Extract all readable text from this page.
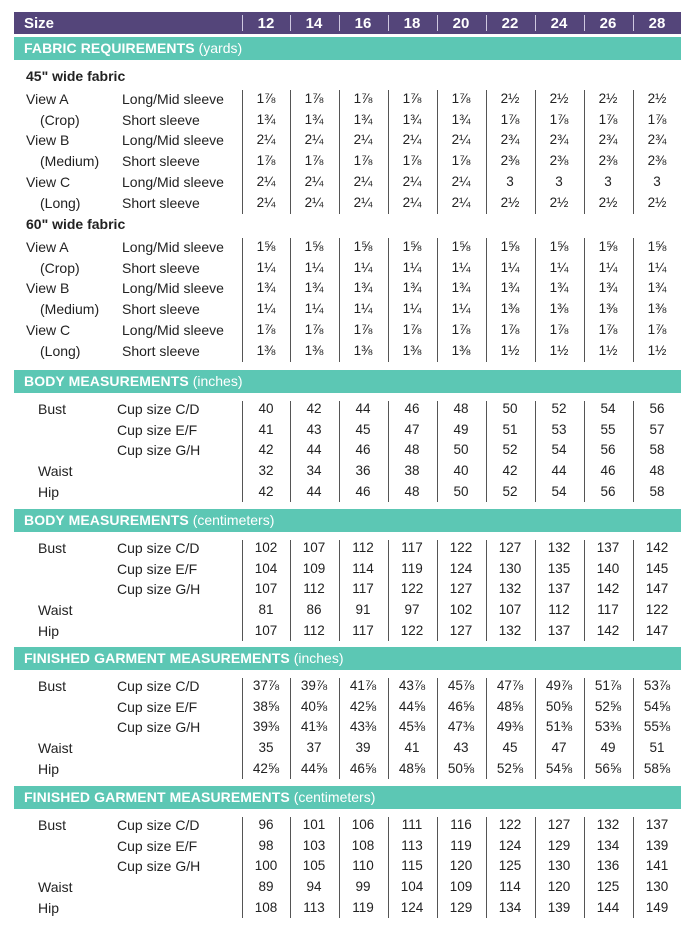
Size	12	14	16	18	20	22	24	26	28
FABRIC REQUIREMENTS (yards)
45" wide fabric
View A	Long/Mid sleeve	1⅞	1⅞	1⅞	1⅞	1⅞	2½	2½	2½	2½
(Crop)	Short sleeve	1¾	1¾	1¾	1¾	1¾	1⅞	1⅞	1⅞	1⅞
View B	Long/Mid sleeve	2¼	2¼	2¼	2¼	2¼	2¾	2¾	2¾	2¾
(Medium) Short sleeve	1⅞	1⅞	1⅞	1⅞	1⅞	2⅜	2⅜	2⅜	2⅜
View C	Long/Mid sleeve	2¼	2¼	2¼	2¼	2¼	3	3	3	3
(Long)	Short sleeve	2¼	2¼	2¼	2¼	2¼	2½	2½	2½	2½
60" wide fabric
View A	Long/Mid sleeve	1⅝	1⅝	1⅝	1⅝	1⅝	1⅝	1⅝	1⅝	1⅝
(Crop)	Short sleeve	1¼	1¼	1¼	1¼	1¼	1¼	1¼	1¼	1¼
View B	Long/Mid sleeve	1¾	1¾	1¾	1¾	1¾	1¾	1¾	1¾	1¾
(Medium) Short sleeve	1¼	1¼	1¼	1¼	1¼	1⅜	1⅜	1⅜	1⅜
View C	Long/Mid sleeve	1⅞	1⅞	1⅞	1⅞	1⅞	1⅞	1⅞	1⅞	1⅞
(Long)	Short sleeve	1⅜	1⅜	1⅜	1⅜	1⅜	1½	1½	1½	1½
BODY MEASUREMENTS (inches)
Bust	Cup size C/D	40	42	44	46	48	50	52	54	56
Cup size E/F	41	43	45	47	49	51	53	55	57
Cup size G/H	42	44	46	48	50	52	54	56	58
Waist	32	34	36	38	40	42	44	46	48
Hip	42	44	46	48	50	52	54	56	58
BODY MEASUREMENTS (centimeters)
Bust	Cup size C/D	102	107	112	117	122	127	132	137	142
Cup size E/F	104	109	114	119	124	130	135	140	145
Cup size G/H	107	112	117	122	127	132	137	142	147
Waist	81	86	91	97	102	107	112	117	122
Hip	107	112	117	122	127	132	137	142	147
FINISHED GARMENT MEASUREMENTS (inches)
Bust	Cup size C/D	37⅞	39⅞	41⅞	43⅞	45⅞	47⅞	49⅞	51⅞	53⅞
Cup size E/F	38⅝	40⅝	42⅝	44⅝	46⅝	48⅝	50⅝	52⅝	54⅝
Cup size G/H	39⅜	41⅜	43⅜	45⅜	47⅜	49⅜	51⅜	53⅜	55⅜
Waist	35	37	39	41	43	45	47	49	51
Hip	42⅝	44⅝	46⅝	48⅝	50⅝	52⅝	54⅝	56⅝	58⅝
FINISHED GARMENT MEASUREMENTS (centimeters)
Bust	Cup size C/D	96	101	106	111	116	122	127	132	137
Cup size E/F	98	103	108	113	119	124	129	134	139
Cup size G/H	100	105	110	115	120	125	130	136	141
Waist	89	94	99	104	109	114	120	125	130
Hip	108	113	119	124	129	134	139	144	149
